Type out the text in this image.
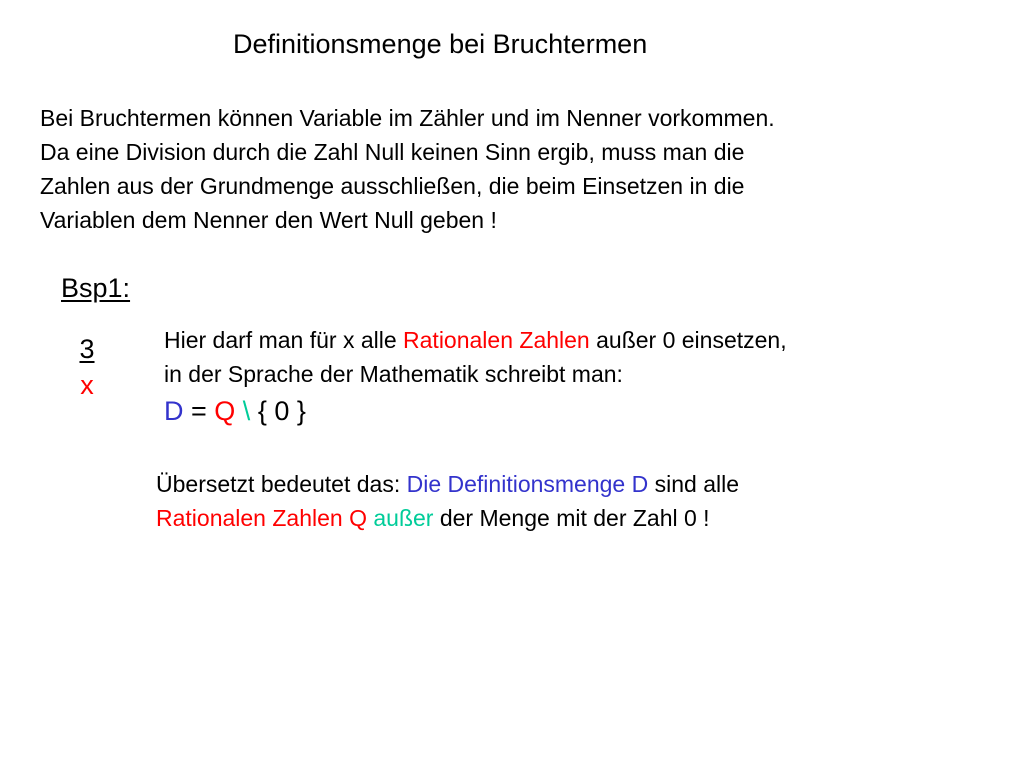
Definitionsmenge bei Bruchtermen
Bei Bruchtermen können Variable im Zähler und im Nenner vorkommen.
Da eine Division durch die Zahl Null keinen Sinn ergib, muss man die
Zahlen aus der Grundmenge ausschließen, die beim Einsetzen in die
Variablen dem Nenner den Wert Null geben !
Bsp1:
$\frac{3}{x}$	Hier darf man für x alle Rationalen Zahlen außer 0 einsetzen,
in der Sprache der Mathematik schreibt man:
D = Q \ { 0 }
Übersetzt bedeutet das: Die Definitionsmenge D sind alle
Rationalen Zahlen Q außer der Menge mit der Zahl 0 !
